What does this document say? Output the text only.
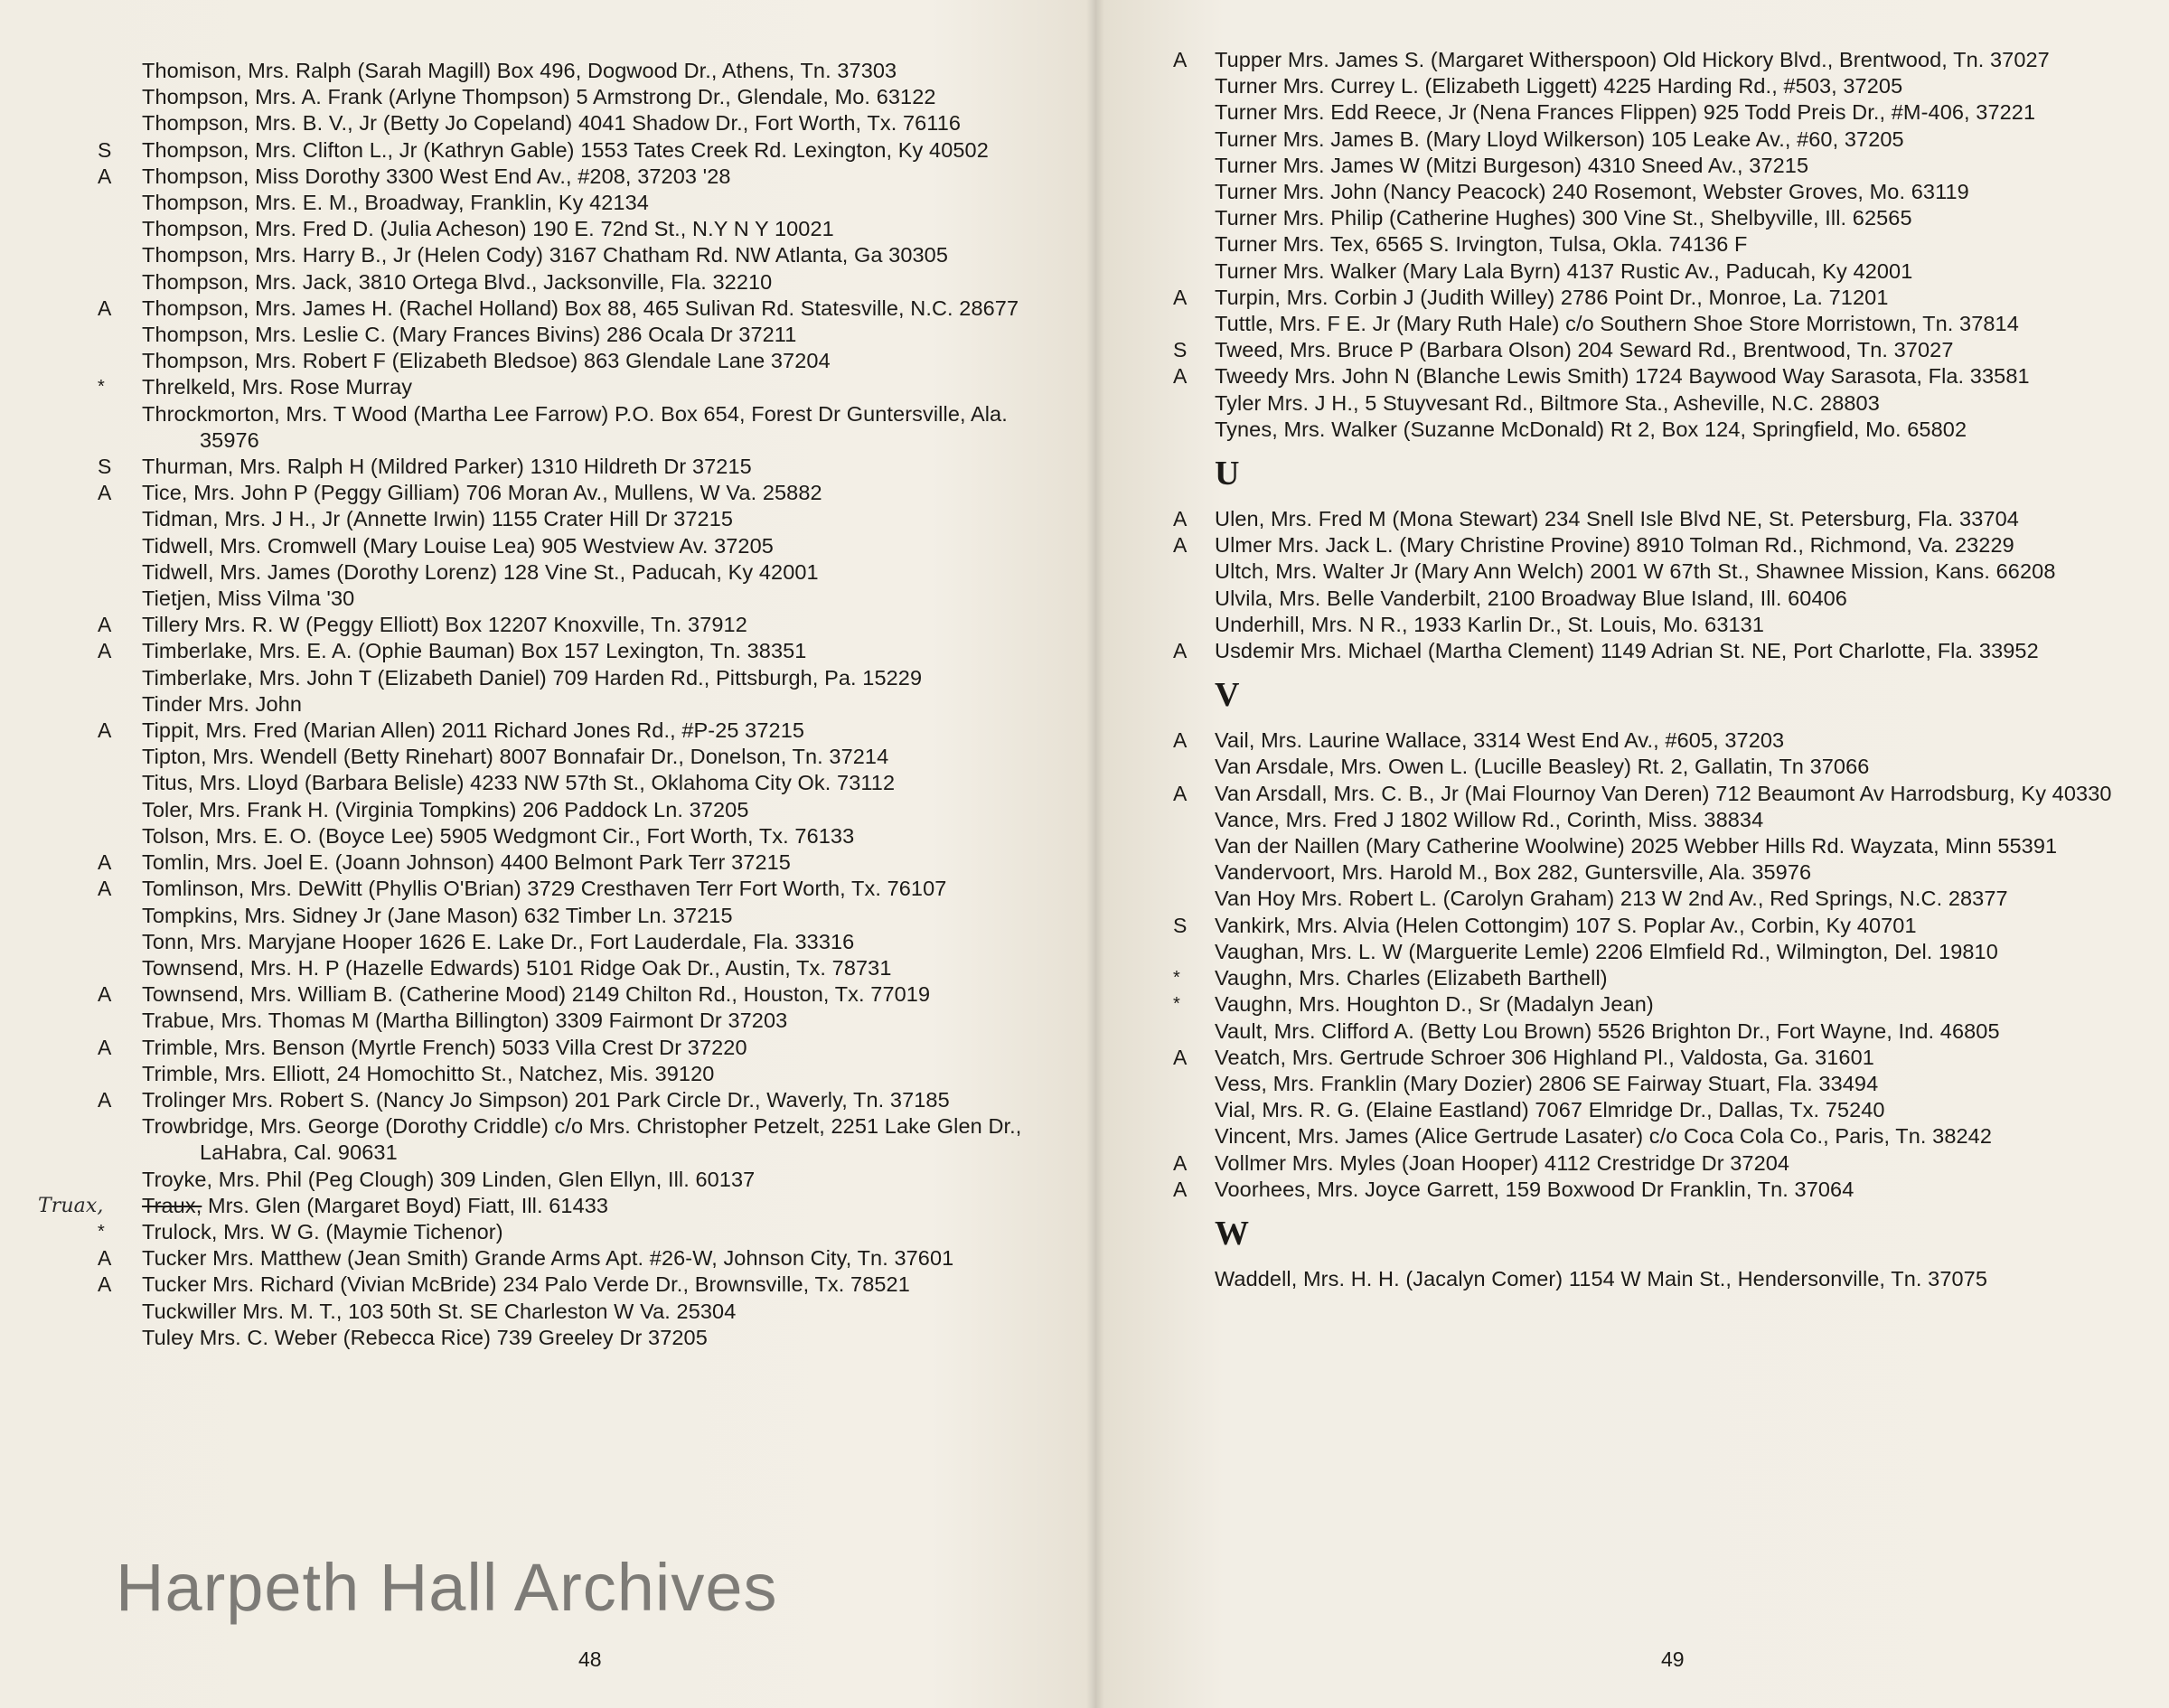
Thomison, Mrs. Ralph (Sarah Magill) Box 496, Dogwood Dr., Athens, Tn. 37303
Thompson, Mrs. A. Frank (Arlyne Thompson) 5 Armstrong Dr., Glendale, Mo. 63122
Thompson, Mrs. B. V., Jr (Betty Jo Copeland) 4041 Shadow Dr., Fort Worth, Tx. 76116
S Thompson, Mrs. Clifton L., Jr (Kathryn Gable) 1553 Tates Creek Rd. Lexington, Ky 40502
A Thompson, Miss Dorothy 3300 West End Av., #208, 37203 '28
Thompson, Mrs. E. M., Broadway, Franklin, Ky 42134
Thompson, Mrs. Fred D. (Julia Acheson) 190 E. 72nd St., N.Y N Y 10021
Thompson, Mrs. Harry B., Jr (Helen Cody) 3167 Chatham Rd. NW Atlanta, Ga 30305
Thompson, Mrs. Jack, 3810 Ortega Blvd., Jacksonville, Fla. 32210
A Thompson, Mrs. James H. (Rachel Holland) Box 88, 465 Sulivan Rd. Statesville, N.C. 28677
Thompson, Mrs. Leslie C. (Mary Frances Bivins) 286 Ocala Dr 37211
Thompson, Mrs. Robert F (Elizabeth Bledsoe) 863 Glendale Lane 37204
* Threlkeld, Mrs. Rose Murray
Throckmorton, Mrs. T Wood (Martha Lee Farrow) P.O. Box 654, Forest Dr Guntersville, Ala. 35976
S Thurman, Mrs. Ralph H (Mildred Parker) 1310 Hildreth Dr 37215
A Tice, Mrs. John P (Peggy Gilliam) 706 Moran Av., Mullens, W Va. 25882
Tidman, Mrs. J H., Jr (Annette Irwin) 1155 Crater Hill Dr 37215
Tidwell, Mrs. Cromwell (Mary Louise Lea) 905 Westview Av. 37205
Tidwell, Mrs. James (Dorothy Lorenz) 128 Vine St., Paducah, Ky 42001
Tietjen, Miss Vilma '30
A Tillery Mrs. R. W (Peggy Elliott) Box 12207 Knoxville, Tn. 37912
A Timberlake, Mrs. E. A. (Ophie Bauman) Box 157 Lexington, Tn. 38351
Timberlake, Mrs. John T (Elizabeth Daniel) 709 Harden Rd., Pittsburgh, Pa. 15229
Tinder Mrs. John
A Tippit, Mrs. Fred (Marian Allen) 2011 Richard Jones Rd., #P-25 37215
Tipton, Mrs. Wendell (Betty Rinehart) 8007 Bonnafair Dr., Donelson, Tn. 37214
Titus, Mrs. Lloyd (Barbara Belisle) 4233 NW 57th St., Oklahoma City Ok. 73112
Toler, Mrs. Frank H. (Virginia Tompkins) 206 Paddock Ln. 37205
Tolson, Mrs. E. O. (Boyce Lee) 5905 Wedgmont Cir., Fort Worth, Tx. 76133
A Tomlin, Mrs. Joel E. (Joann Johnson) 4400 Belmont Park Terr 37215
A Tomlinson, Mrs. DeWitt (Phyllis O'Brian) 3729 Cresthaven Terr Fort Worth, Tx. 76107
Tompkins, Mrs. Sidney Jr (Jane Mason) 632 Timber Ln. 37215
Tonn, Mrs. Maryjane Hooper 1626 E. Lake Dr., Fort Lauderdale, Fla. 33316
Townsend, Mrs. H. P (Hazelle Edwards) 5101 Ridge Oak Dr., Austin, Tx. 78731
A Townsend, Mrs. William B. (Catherine Mood) 2149 Chilton Rd., Houston, Tx. 77019
Trabue, Mrs. Thomas M (Martha Billington) 3309 Fairmont Dr 37203
A Trimble, Mrs. Benson (Myrtle French) 5033 Villa Crest Dr 37220
Trimble, Mrs. Elliott, 24 Homochitto St., Natchez, Mis. 39120
A Trolinger Mrs. Robert S. (Nancy Jo Simpson) 201 Park Circle Dr., Waverly, Tn. 37185
Trowbridge, Mrs. George (Dorothy Criddle) c/o Mrs. Christopher Petzelt, 2251 Lake Glen Dr., LaHabra, Cal. 90631
Troyke, Mrs. Phil (Peg Clough) 309 Linden, Glen Ellyn, Ill. 60137
Truax, Traux, Mrs. Glen (Margaret Boyd) Fiatt, Ill. 61433
* Trulock, Mrs. W G. (Maymie Tichenor)
A Tucker Mrs. Matthew (Jean Smith) Grande Arms Apt. #26-W, Johnson City, Tn. 37601
A Tucker Mrs. Richard (Vivian McBride) 234 Palo Verde Dr., Brownsville, Tx. 78521
Tuckwiller Mrs. M. T., 103 50th St. SE Charleston W Va. 25304
Tuley Mrs. C. Weber (Rebecca Rice) 739 Greeley Dr 37205
48
A Tupper Mrs. James S. (Margaret Witherspoon) Old Hickory Blvd., Brentwood, Tn. 37027
Turner Mrs. Currey L. (Elizabeth Liggett) 4225 Harding Rd., #503, 37205
Turner Mrs. Edd Reece, Jr (Nena Frances Flippen) 925 Todd Preis Dr., #M-406, 37221
Turner Mrs. James B. (Mary Lloyd Wilkerson) 105 Leake Av., #60, 37205
Turner Mrs. James W (Mitzi Burgeson) 4310 Sneed Av., 37215
Turner Mrs. John (Nancy Peacock) 240 Rosemont, Webster Groves, Mo. 63119
Turner Mrs. Philip (Catherine Hughes) 300 Vine St., Shelbyville, Ill. 62565
Turner Mrs. Tex, 6565 S. Irvington, Tulsa, Okla. 74136 F
Turner Mrs. Walker (Mary Lala Byrn) 4137 Rustic Av., Paducah, Ky 42001
A Turpin, Mrs. Corbin J (Judith Willey) 2786 Point Dr., Monroe, La. 71201
Tuttle, Mrs. F E. Jr (Mary Ruth Hale) c/o Southern Shoe Store Morristown, Tn. 37814
S Tweed, Mrs. Bruce P (Barbara Olson) 204 Seward Rd., Brentwood, Tn. 37027
A Tweedy Mrs. John N (Blanche Lewis Smith) 1724 Baywood Way Sarasota, Fla. 33581
Tyler Mrs. J H., 5 Stuyvesant Rd., Biltmore Sta., Asheville, N.C. 28803
Tynes, Mrs. Walker (Suzanne McDonald) Rt 2, Box 124, Springfield, Mo. 65802
U
A Ulen, Mrs. Fred M (Mona Stewart) 234 Snell Isle Blvd NE, St. Petersburg, Fla. 33704
A Ulmer Mrs. Jack L. (Mary Christine Provine) 8910 Tolman Rd., Richmond, Va. 23229
Ultch, Mrs. Walter Jr (Mary Ann Welch) 2001 W 67th St., Shawnee Mission, Kans. 66208
Ulvila, Mrs. Belle Vanderbilt, 2100 Broadway Blue Island, Ill. 60406
Underhill, Mrs. N R., 1933 Karlin Dr., St. Louis, Mo. 63131
A Usdemir Mrs. Michael (Martha Clement) 1149 Adrian St. NE, Port Charlotte, Fla. 33952
V
A Vail, Mrs. Laurine Wallace, 3314 West End Av., #605, 37203
Van Arsdale, Mrs. Owen L. (Lucille Beasley) Rt. 2, Gallatin, Tn 37066
A Van Arsdall, Mrs. C. B., Jr (Mai Flournoy Van Deren) 712 Beaumont Av Harrodsburg, Ky 40330
Vance, Mrs. Fred J 1802 Willow Rd., Corinth, Miss. 38834
Van der Naillen (Mary Catherine Woolwine) 2025 Webber Hills Rd. Wayzata, Minn 55391
Vandervoort, Mrs. Harold M., Box 282, Guntersville, Ala. 35976
Van Hoy Mrs. Robert L. (Carolyn Graham) 213 W 2nd Av., Red Springs, N.C. 28377
S Vankirk, Mrs. Alvia (Helen Cottongim) 107 S. Poplar Av., Corbin, Ky 40701
Vaughan, Mrs. L. W (Marguerite Lemle) 2206 Elmfield Rd., Wilmington, Del. 19810
* Vaughn, Mrs. Charles (Elizabeth Barthell)
* Vaughn, Mrs. Houghton D., Sr (Madalyn Jean)
Vault, Mrs. Clifford A. (Betty Lou Brown) 5526 Brighton Dr., Fort Wayne, Ind. 46805
A Veatch, Mrs. Gertrude Schroer 306 Highland Pl., Valdosta, Ga. 31601
Vess, Mrs. Franklin (Mary Dozier) 2806 SE Fairway Stuart, Fla. 33494
Vial, Mrs. R. G. (Elaine Eastland) 7067 Elmridge Dr., Dallas, Tx. 75240
Vincent, Mrs. James (Alice Gertrude Lasater) c/o Coca Cola Co., Paris, Tn. 38242
A Vollmer Mrs. Myles (Joan Hooper) 4112 Crestridge Dr 37204
A Voorhees, Mrs. Joyce Garrett, 159 Boxwood Dr Franklin, Tn. 37064
W
Waddell, Mrs. H. H. (Jacalyn Comer) 1154 W Main St., Hendersonville, Tn. 37075
49
Harpeth Hall Archives
